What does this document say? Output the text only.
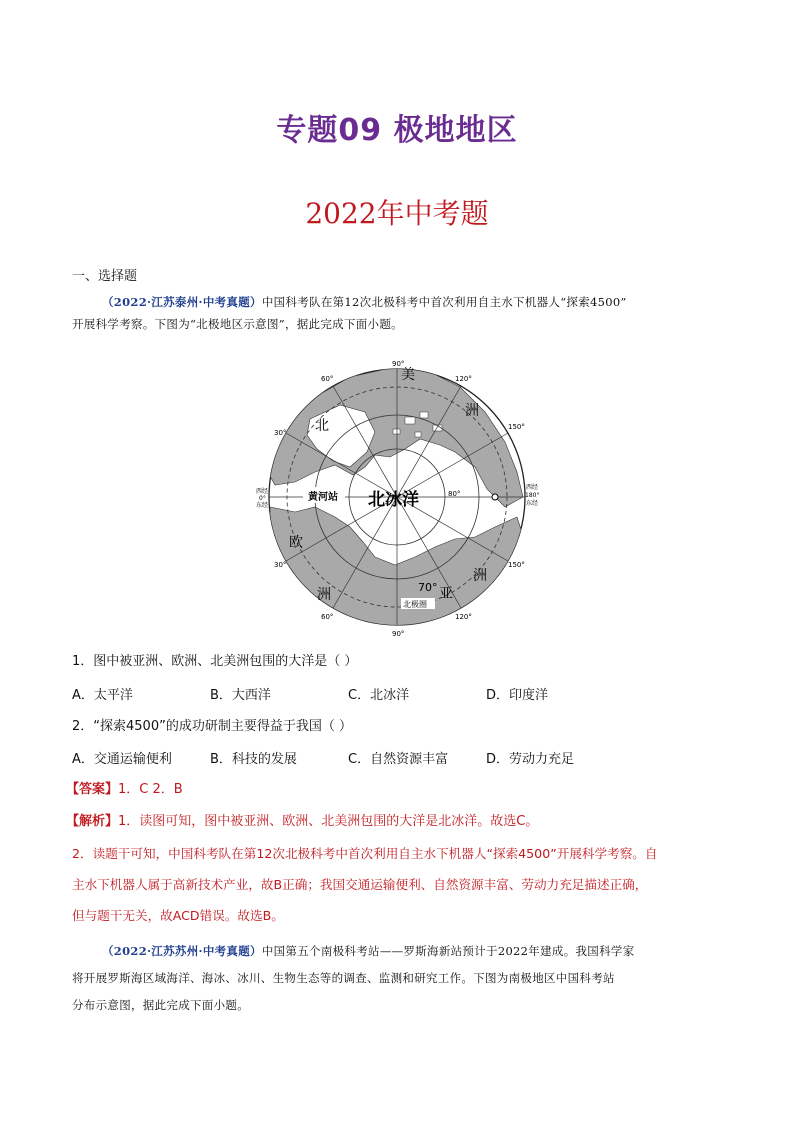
专题09 极地地区
2022年中考题
一、选择题
（2022·江苏泰州·中考真题）中国科考队在第12次北极科考中首次利用自主水下机器人“探索4500”
开展科学考察。下图为“北极地区示意图”，据此完成下面小题。
北冰洋
黄河站
美
洲
北
欧
洲
洲
亚
70°
北极圈
80°
西经
0°
东经
西经
180°
东经
90°
90°
120°
150°
150°
120°
60°
30°
30°
60°
1．图中被亚洲、欧洲、北美洲包围的大洋是（ ）
A．太平洋	B．大西洋	C．北冰洋	D．印度洋
2．“探索4500”的成功研制主要得益于我国（ ）
A．交通运输便利	B．科技的发展	C．自然资源丰富	D．劳动力充足
【答案】1．C 2．B
【解析】1．读图可知，图中被亚洲、欧洲、北美洲包围的大洋是北冰洋。故选C。
2．读题干可知，中国科考队在第12次北极科考中首次利用自主水下机器人“探索4500”开展科学考察。自
主水下机器人属于高新技术产业，故B正确；我国交通运输便利、自然资源丰富、劳动力充足描述正确，
但与题干无关，故ACD错误。故选B。
（2022·江苏苏州·中考真题）中国第五个南极科考站——罗斯海新站预计于2022年建成。我国科学家
将开展罗斯海区域海洋、海冰、冰川、生物生态等的调查、监测和研究工作。下图为南极地区中国科考站
分布示意图，据此完成下面小题。
